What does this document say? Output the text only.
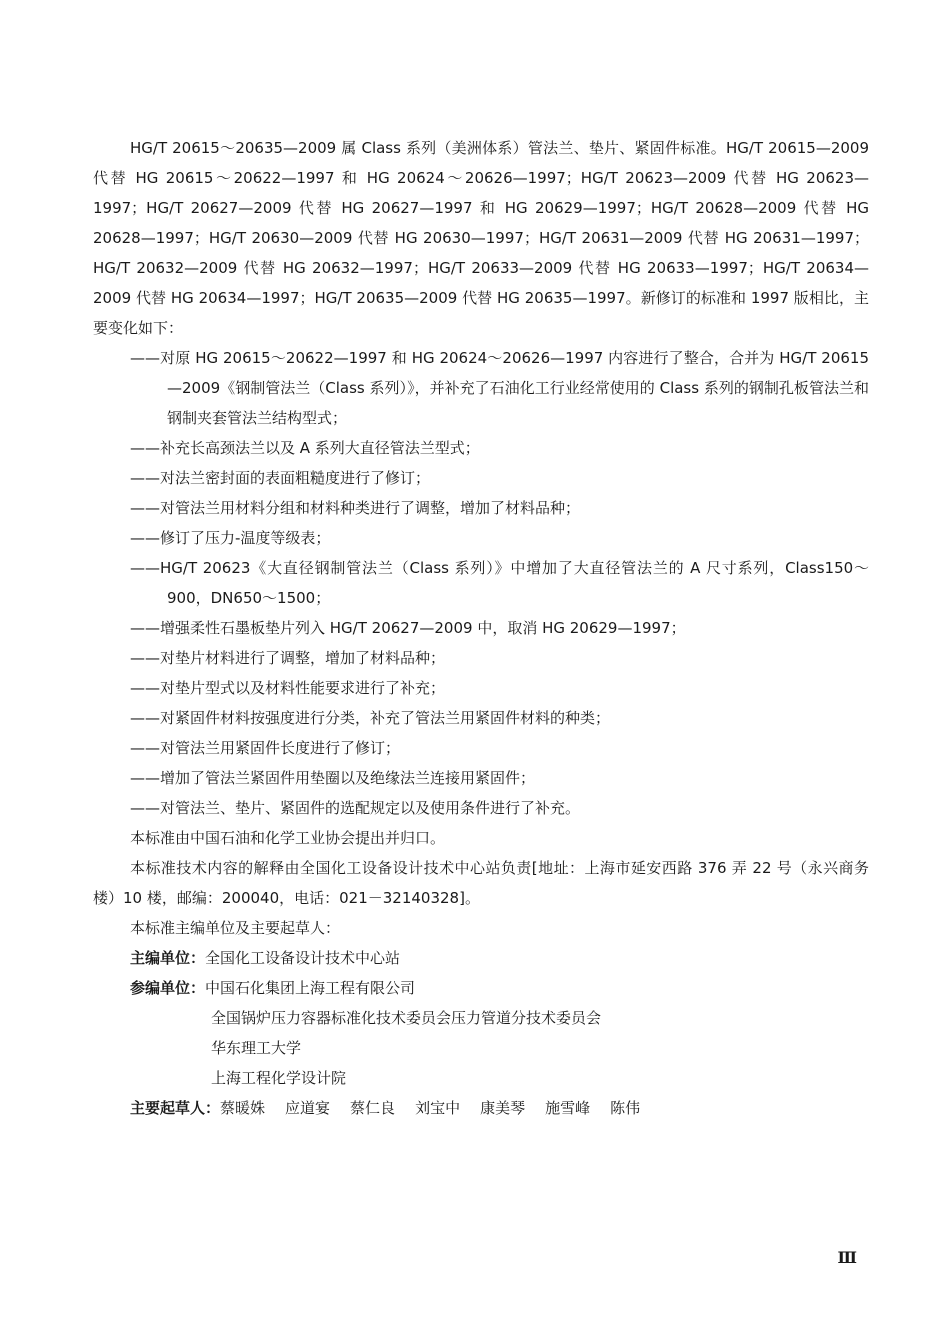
HG/T 20615～20635—2009 属 Class 系列（美洲体系）管法兰、垫片、紧固件标准。HG/T 20615—2009 代替 HG 20615～20622—1997 和 HG 20624～20626—1997；HG/T 20623—2009 代替 HG 20623—1997；HG/T 20627—2009 代替 HG 20627—1997 和 HG 20629—1997；HG/T 20628—2009 代替 HG 20628—1997；HG/T 20630—2009 代替 HG 20630—1997；HG/T 20631—2009 代替 HG 20631—1997；HG/T 20632—2009 代替 HG 20632—1997；HG/T 20633—2009 代替 HG 20633—1997；HG/T 20634—2009 代替 HG 20634—1997；HG/T 20635—2009 代替 HG 20635—1997。新修订的标准和 1997 版相比，主要变化如下：

——对原 HG 20615～20622—1997 和 HG 20624～20626—1997 内容进行了整合，合并为 HG/T 20615—2009《钢制管法兰（Class 系列）》，并补充了石油化工行业经常使用的 Class 系列的钢制孔板管法兰和钢制夹套管法兰结构型式；

——补充长高颈法兰以及 A 系列大直径管法兰型式；

——对法兰密封面的表面粗糙度进行了修订；

——对管法兰用材料分组和材料种类进行了调整，增加了材料品种；

——修订了压力-温度等级表；

——HG/T 20623《大直径钢制管法兰（Class 系列）》中增加了大直径管法兰的 A 尺寸系列，Class150～900，DN650～1500；

——增强柔性石墨板垫片列入 HG/T 20627—2009 中，取消 HG 20629—1997；

——对垫片材料进行了调整，增加了材料品种；

——对垫片型式以及材料性能要求进行了补充；

——对紧固件材料按强度进行分类，补充了管法兰用紧固件材料的种类；

——对管法兰用紧固件长度进行了修订；

——增加了管法兰紧固件用垫圈以及绝缘法兰连接用紧固件；

——对管法兰、垫片、紧固件的选配规定以及使用条件进行了补充。

本标准由中国石油和化学工业协会提出并归口。

本标准技术内容的解释由全国化工设备设计技术中心站负责[地址：上海市延安西路 376 弄 22 号（永兴商务楼）10 楼，邮编：200040，电话：021－32140328]。

本标准主编单位及主要起草人：

主编单位：全国化工设备设计技术中心站

参编单位：中国石化集团上海工程有限公司

全国锅炉压力容器标准化技术委员会压力管道分技术委员会

华东理工大学

上海工程化学设计院

主要起草人：蔡暖姝 应道宴 蔡仁良 刘宝中 康美琴 施雪峰 陈伟

Ⅲ
